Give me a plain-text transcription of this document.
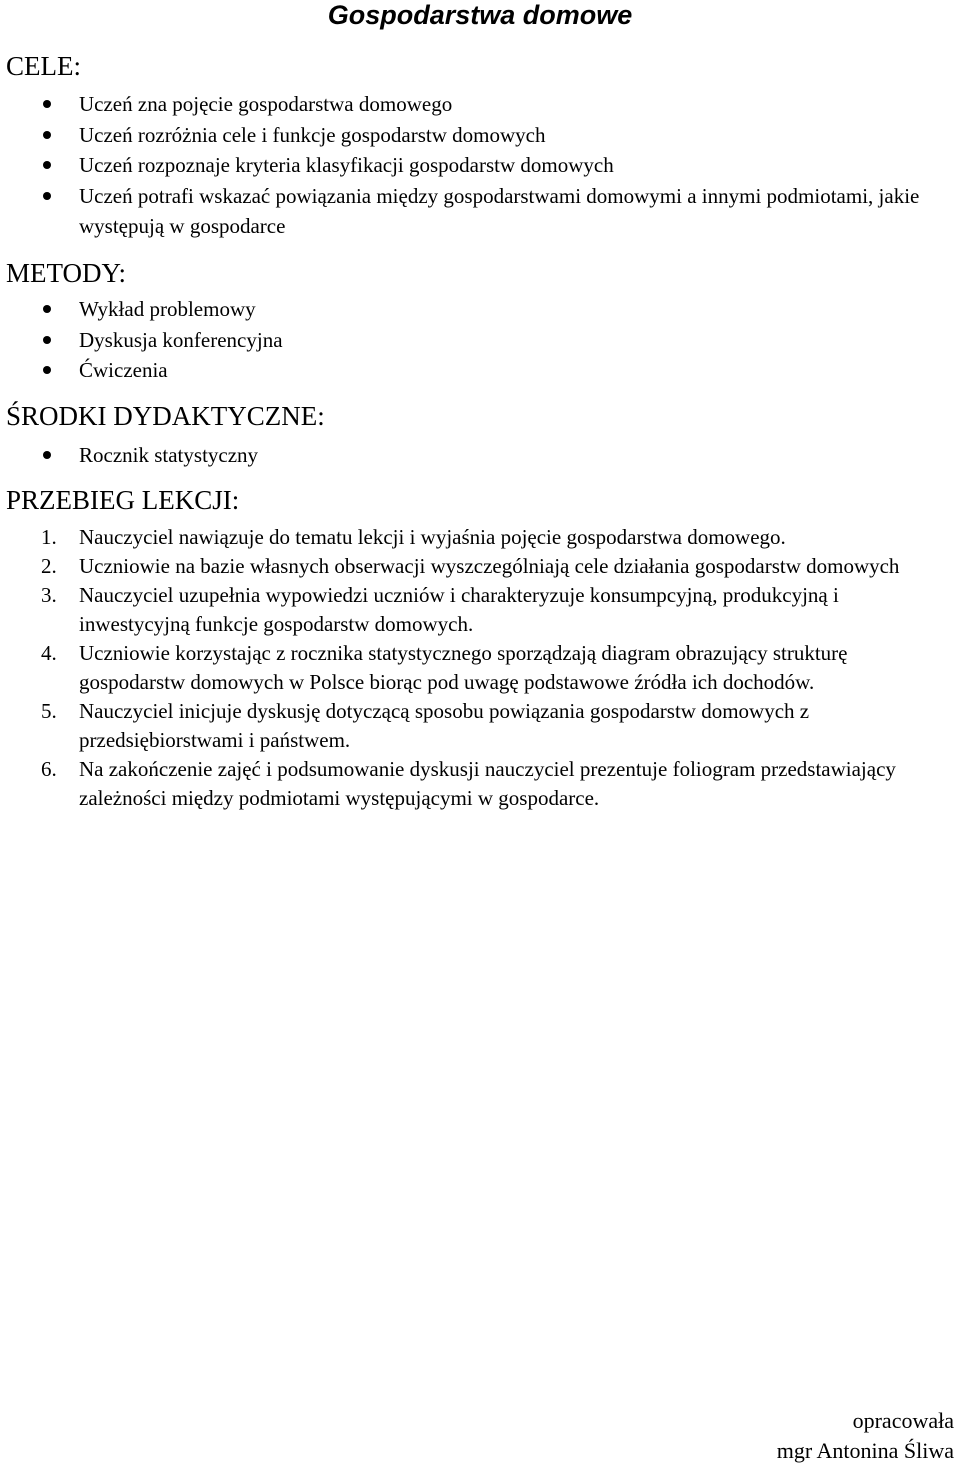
Gospodarstwa domowe
CELE:
Uczeń zna pojęcie gospodarstwa domowego
Uczeń rozróżnia cele i funkcje gospodarstw domowych
Uczeń rozpoznaje kryteria klasyfikacji gospodarstw domowych
Uczeń potrafi wskazać powiązania między gospodarstwami domowymi a innymi podmiotami, jakie występują w gospodarce
METODY:
Wykład problemowy
Dyskusja konferencyjna
Ćwiczenia
ŚRODKI DYDAKTYCZNE:
Rocznik statystyczny
PRZEBIEG LEKCJI:
1. Nauczyciel nawiązuje do tematu lekcji i wyjaśnia pojęcie gospodarstwa domowego.
2. Uczniowie na bazie własnych obserwacji wyszczególniają cele działania gospodarstw domowych
3. Nauczyciel uzupełnia wypowiedzi uczniów i charakteryzuje konsumpcyjną, produkcyjną i inwestycyjną funkcje gospodarstw domowych.
4. Uczniowie korzystając z rocznika statystycznego sporządzają diagram obrazujący strukturę gospodarstw domowych w Polsce biorąc pod uwagę podstawowe źródła ich dochodów.
5. Nauczyciel inicjuje dyskusję dotyczącą sposobu powiązania gospodarstw domowych z przedsiębiorstwami i państwem.
6. Na zakończenie zajęć i podsumowanie dyskusji nauczyciel prezentuje foliogram przedstawiający zależności między podmiotami występującymi w gospodarce.
opracowała
mgr Antonina Śliwa
